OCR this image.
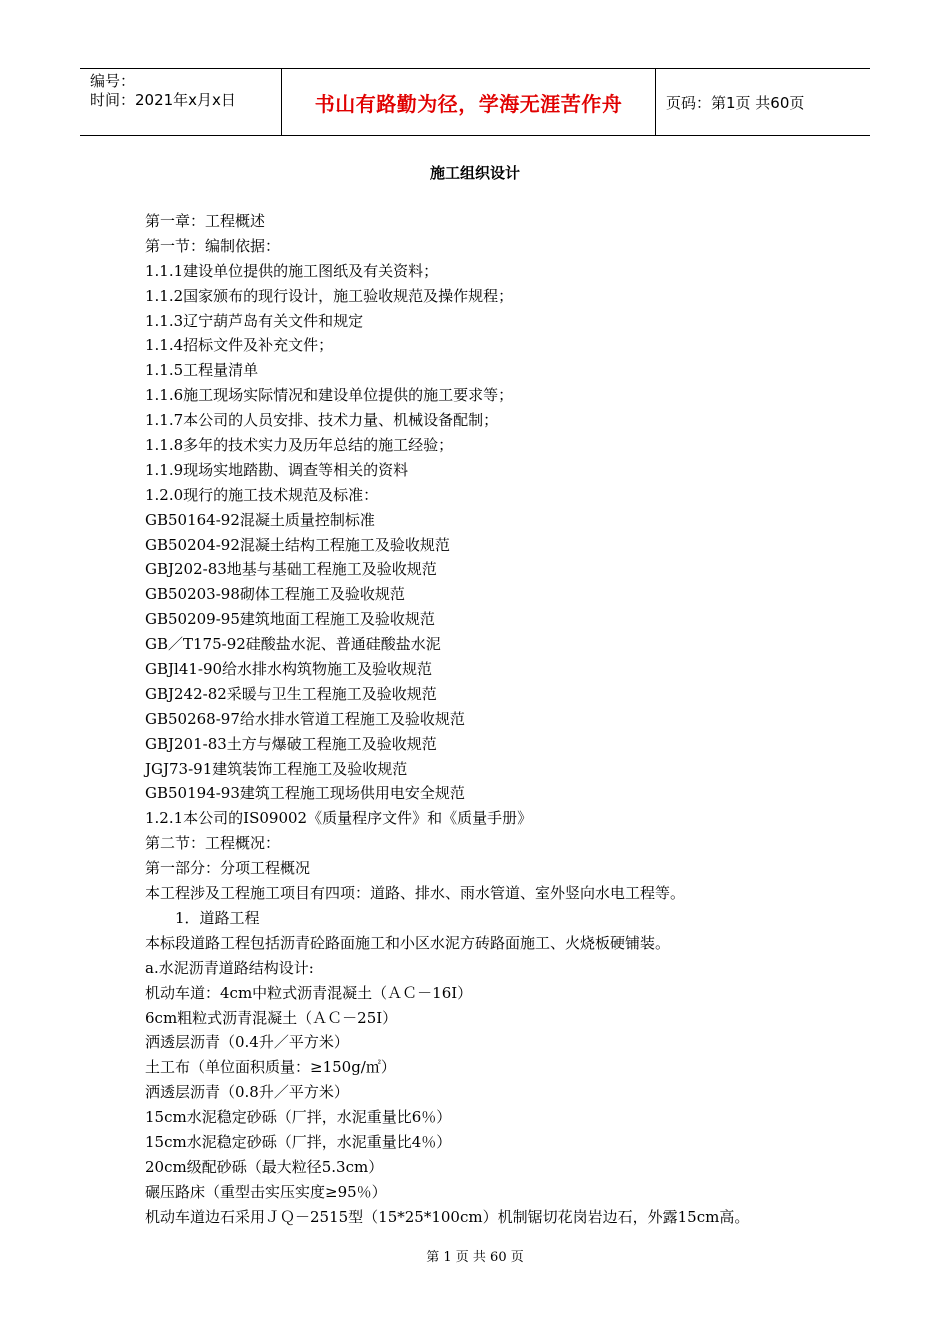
编号：
时间：2021年x月x日	书山有路勤为径，学海无涯苦作舟	页码：第1页 共60页
施工组织设计
第一章：工程概述
第一节：编制依据：
1.1.1建设单位提供的施工图纸及有关资料；
1.1.2国家颁布的现行设计，施工验收规范及操作规程；
1.1.3辽宁葫芦岛有关文件和规定
1.1.4招标文件及补充文件；
1.1.5工程量清单
1.1.6施工现场实际情况和建设单位提供的施工要求等；
1.1.7本公司的人员安排、技术力量、机械设备配制；
1.1.8多年的技术实力及历年总结的施工经验；
1.1.9现场实地踏勘、调查等相关的资料
1.2.0现行的施工技术规范及标准：
GB50164-92混凝土质量控制标准
GB50204-92混凝土结构工程施工及验收规范
GBJ202-83地基与基础工程施工及验收规范
GB50203-98砌体工程施工及验收规范
GB50209-95建筑地面工程施工及验收规范
GB／T175-92硅酸盐水泥、普通硅酸盐水泥
GBJl41-90给水排水构筑物施工及验收规范
GBJ242-82采暖与卫生工程施工及验收规范
GB50268-97给水排水管道工程施工及验收规范
GBJ201-83土方与爆破工程施工及验收规范
JGJ73-91建筑装饰工程施工及验收规范
GB50194-93建筑工程施工现场供用电安全规范
1.2.1本公司的IS09002《质量程序文件》和《质量手册》
第二节：工程概况：
第一部分：分项工程概况
本工程涉及工程施工项目有四项：道路、排水、雨水管道、室外竖向水电工程等。
1．道路工程
本标段道路工程包括沥青砼路面施工和小区水泥方砖路面施工、火烧板硬铺装。
a.水泥沥青道路结构设计:
机动车道：4cm中粒式沥青混凝土（ＡＣ－16I）
6cm粗粒式沥青混凝土（ＡＣ－25I）
洒透层沥青（0.4升／平方米）
土工布（单位面积质量：≥150g/㎡）
洒透层沥青（0.8升／平方米）
15cm水泥稳定砂砾（厂拌，水泥重量比6％）
15cm水泥稳定砂砾（厂拌，水泥重量比4％）
20cm级配砂砾（最大粒径5.3cm）
碾压路床（重型击实压实度≥95％）
机动车道边石采用ＪＱ－2515型（15*25*100cm）机制锯切花岗岩边石，外露15cm高。
第 1 页 共 60 页
